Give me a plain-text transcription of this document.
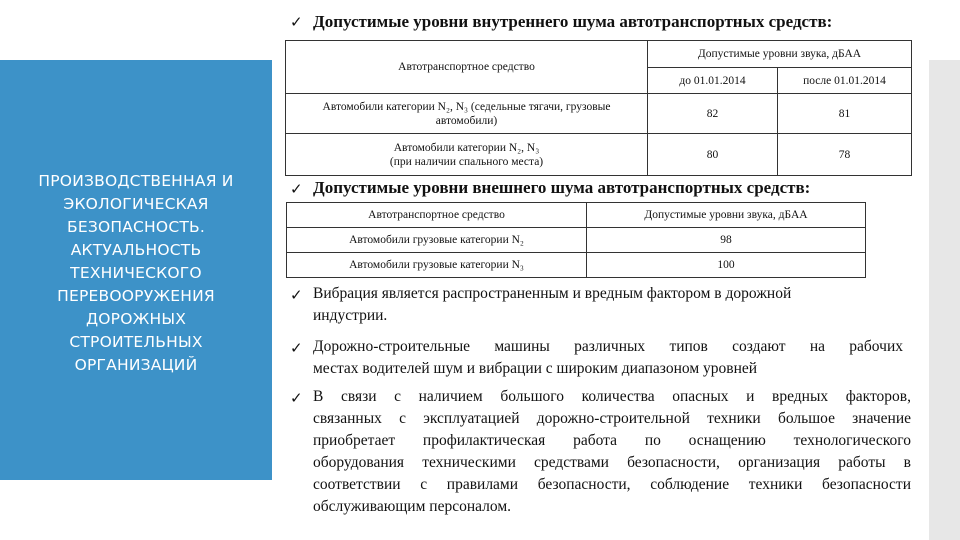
ПРОИЗВОДСТВЕННАЯ И
ЭКОЛОГИЧЕСКАЯ
БЕЗОПАСНОСТЬ.
АКТУАЛЬНОСТЬ
ТЕХНИЧЕСКОГО
ПЕРЕВООРУЖЕНИЯ
ДОРОЖНЫХ
СТРОИТЕЛЬНЫХ
ОРГАНИЗАЦИЙ
✓ Допустимые уровни внутреннего шума автотранспортных средств:
Автотранспортное средство	Допустимые уровни звука, дБАА	
	до 01.01.2014	после 01.01.2014

Автомобили категории N₂, N₃ (седельные тягачи, грузовые
автомобили)	82	81

Автомобили категории N₂, N₃
(при наличии спального места)	80	78
✓ Допустимые уровни внешнего шума автотранспортных средств:
Автотранспортное средство	Допустимые уровни звука, дБАА
Автомобили грузовые категории N₂	98
Автомобили грузовые категории N₃	100
✓ Вибрация является распространенным и вредным фактором в дорожной
индустрии.
✓ Дорожно-строительные машины различных типов создают на рабочих
местах водителей шум и вибрации с широким диапазоном уровней
✓ В связи с наличием большого количества опасных и вредных факторов,
связанных с эксплуатацией дорожно-строительной техники большое значение
приобретает профилактическая работа по оснащению технологического
оборудования техническими средствами безопасности, организация работы в
соответствии с правилами безопасности, соблюдение техники безопасности
обслуживающим персоналом.
